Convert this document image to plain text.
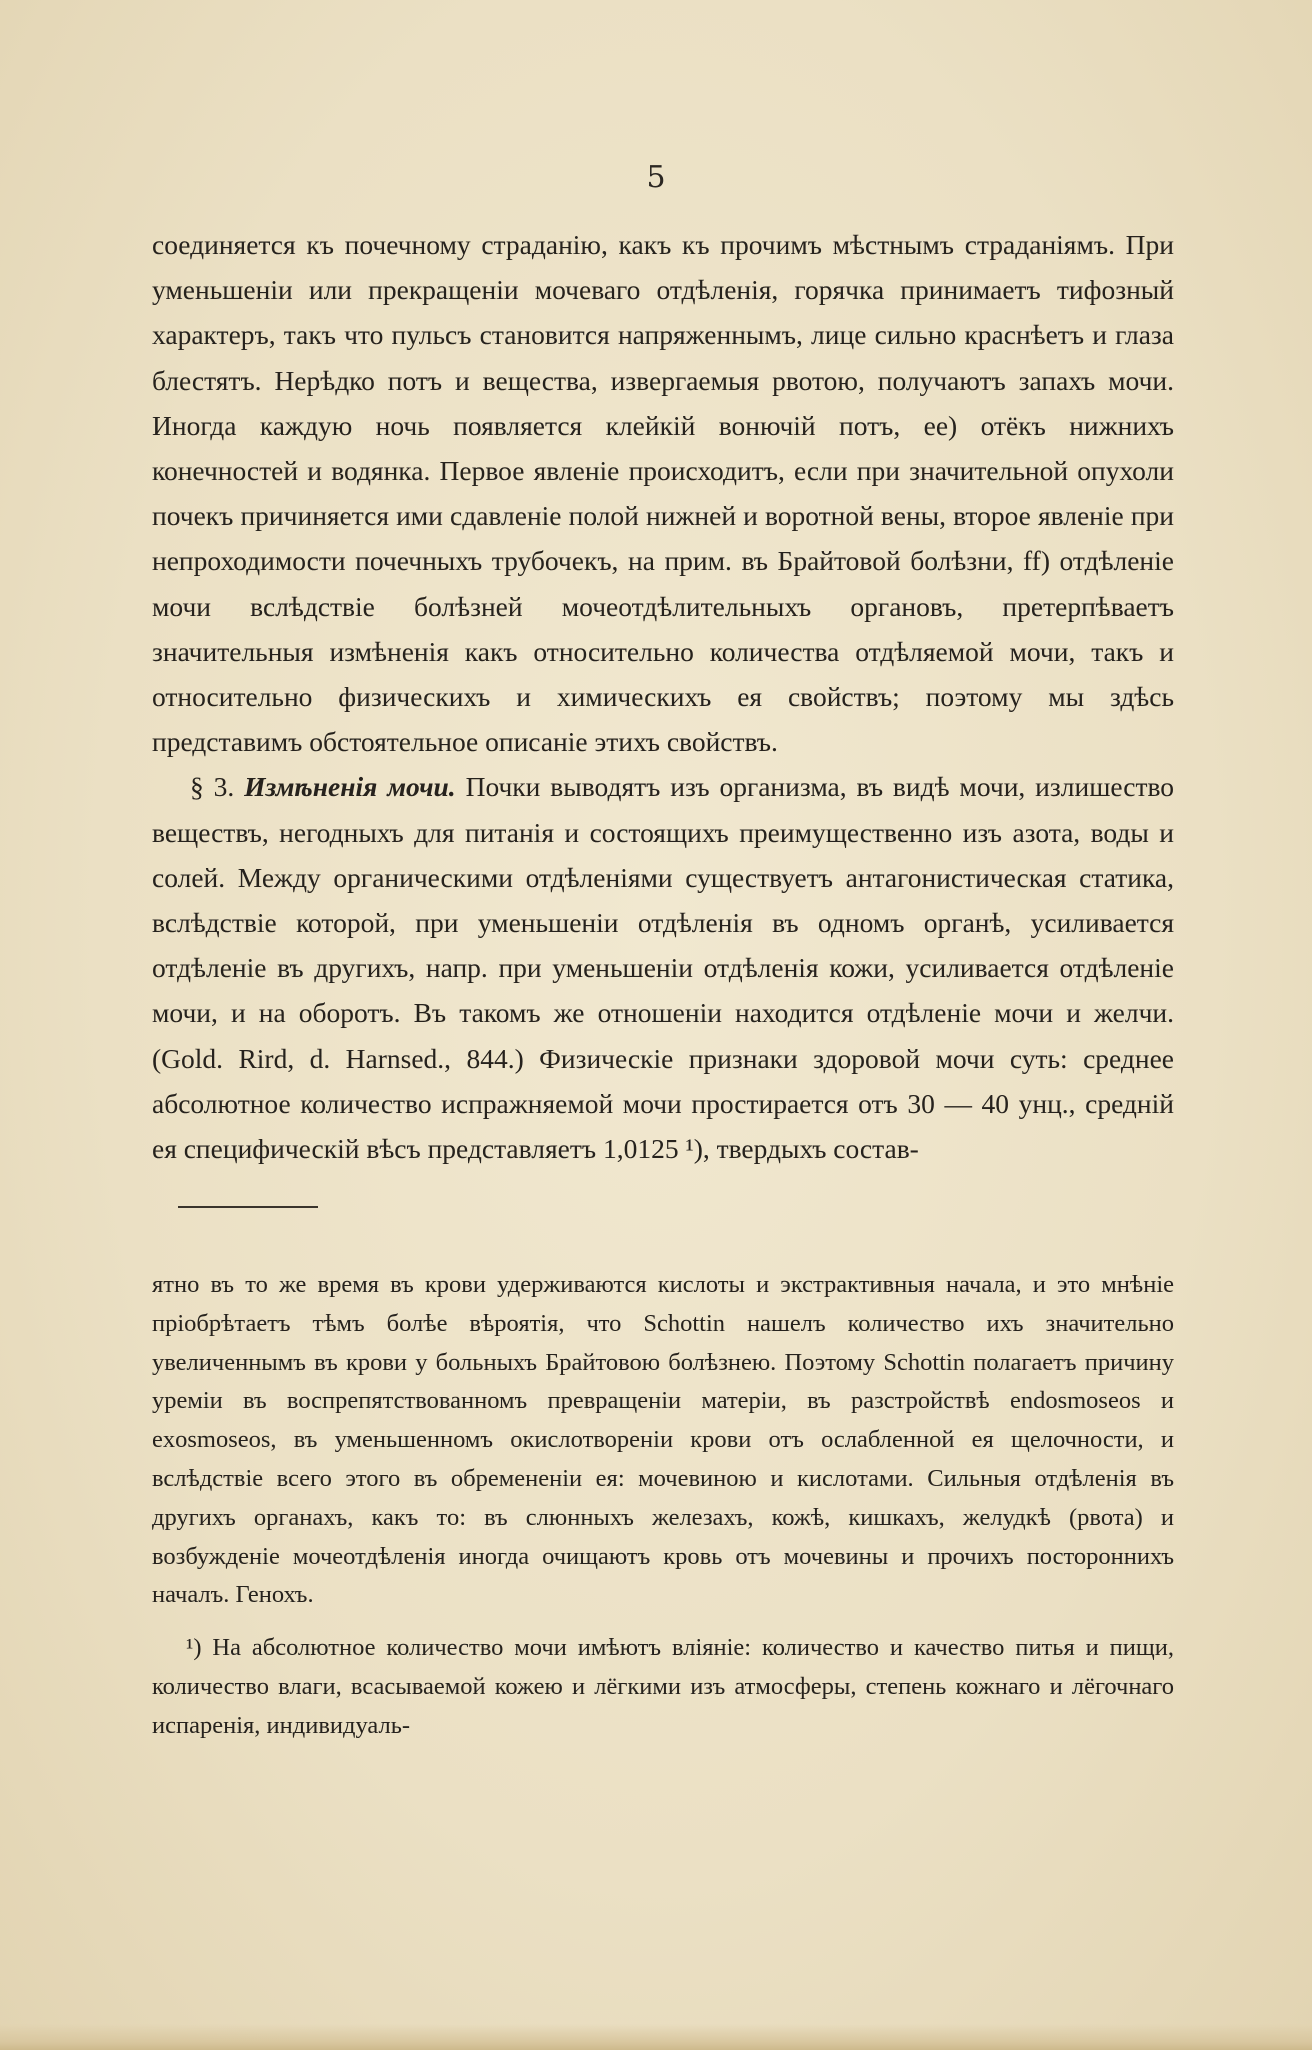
5

соединяется къ почечному страданію, какъ къ прочимъ мѣстнымъ страданіямъ. При уменьшеніи или прекращеніи мочеваго отдѣленія, горячка принимаетъ тифозный характеръ, такъ что пульсъ становится напряженнымъ, лице сильно краснѣетъ и глаза блестятъ. Нерѣдко потъ и вещества, извергаемыя рвотою, получаютъ запахъ мочи. Иногда каждую ночь появляется клейкій вонючій потъ, ее) отёкъ нижнихъ конечностей и водянка. Первое явленіе происходитъ, если при значительной опухоли почекъ причиняется ими сдавленіе полой нижней и воротной вены, второе явленіе при непроходимости почечныхъ трубочекъ, на прим. въ Брайтовой болѣзни, ff) отдѣленіе мочи вслѣдствіе болѣзней мочеотдѣлительныхъ органовъ, претерпѣваетъ значительныя измѣненія какъ относительно количества отдѣляемой мочи, такъ и относительно физическихъ и химическихъ ея свойствъ; поэтому мы здѣсь представимъ обстоятельное описаніе этихъ свойствъ.

§ 3. Измѣненія мочи. Почки выводятъ изъ организма, въ видѣ мочи, излишество веществъ, негодныхъ для питанія и состоящихъ преимущественно изъ азота, воды и солей. Между органическими отдѣленіями существуетъ антагонистическая статика, вслѣдствіе которой, при уменьшеніи отдѣленія въ одномъ органѣ, усиливается отдѣленіе въ другихъ, напр. при уменьшеніи отдѣленія кожи, усиливается отдѣленіе мочи, и на оборотъ. Въ такомъ же отношеніи находится отдѣленіе мочи и желчи. (Gold. Rird, d. Harnsed., 844.) Физическіе признаки здоровой мочи суть: среднее абсолютное количество испражняемой мочи простирается отъ 30 — 40 унц., средній ея специфическій вѣсъ представляетъ 1,0125 ¹), твердыхъ состав-

ятно въ то же время въ крови удерживаются кислоты и экстрактивныя начала, и это мнѣніе пріобрѣтаетъ тѣмъ болѣе вѣроятія, что Schottin нашелъ количество ихъ значительно увеличеннымъ въ крови у больныхъ Брайтовою болѣзнею. Поэтому Schottin полагаетъ причину уреміи въ воспрепятствованномъ превращеніи матеріи, въ разстройствѣ endosmoseos и exosmoseos, въ уменьшенномъ окислотвореніи крови отъ ослабленной ея щелочности, и вслѣдствіе всего этого въ обремененіи ея: мочевиною и кислотами. Сильныя отдѣленія въ другихъ органахъ, какъ то: въ слюнныхъ железахъ, кожѣ, кишкахъ, желудкѣ (рвота) и возбужденіе мочеотдѣленія иногда очищаютъ кровь отъ мочевины и прочихъ постороннихъ началъ. Генохъ.

¹) На абсолютное количество мочи имѣютъ вліяніе: количество и качество питья и пищи, количество влаги, всасываемой кожею и лёгкими изъ атмосферы, степень кожнаго и лёгочнаго испаренія, индивидуаль-
